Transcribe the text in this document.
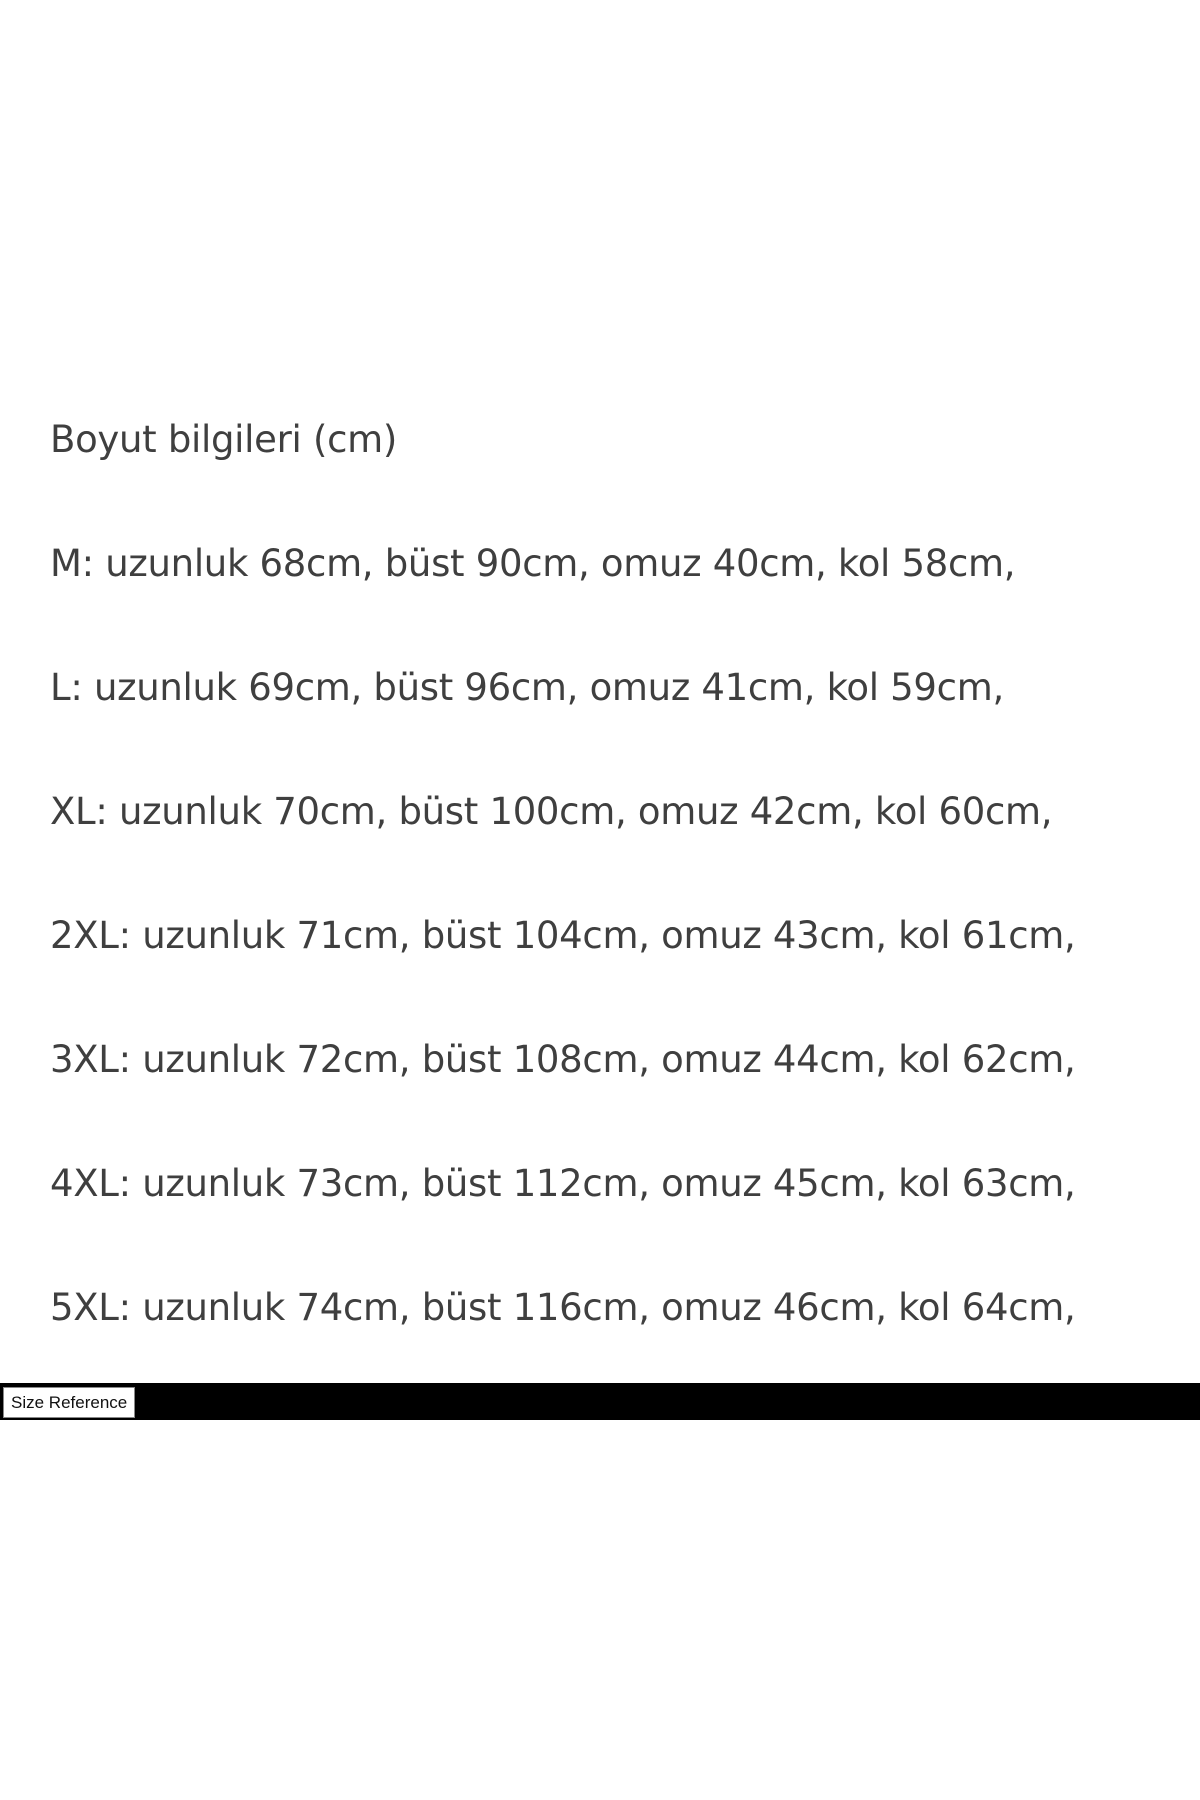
Boyut bilgileri (cm)
M: uzunluk 68cm, büst 90cm, omuz 40cm, kol 58cm,
L: uzunluk 69cm, büst 96cm, omuz 41cm, kol 59cm,
XL: uzunluk 70cm, büst 100cm, omuz 42cm, kol 60cm,
2XL: uzunluk 71cm, büst 104cm, omuz 43cm, kol 61cm,
3XL: uzunluk 72cm, büst 108cm, omuz 44cm, kol 62cm,
4XL: uzunluk 73cm, büst 112cm, omuz 45cm, kol 63cm,
5XL: uzunluk 74cm, büst 116cm, omuz 46cm, kol 64cm,
Size Reference
